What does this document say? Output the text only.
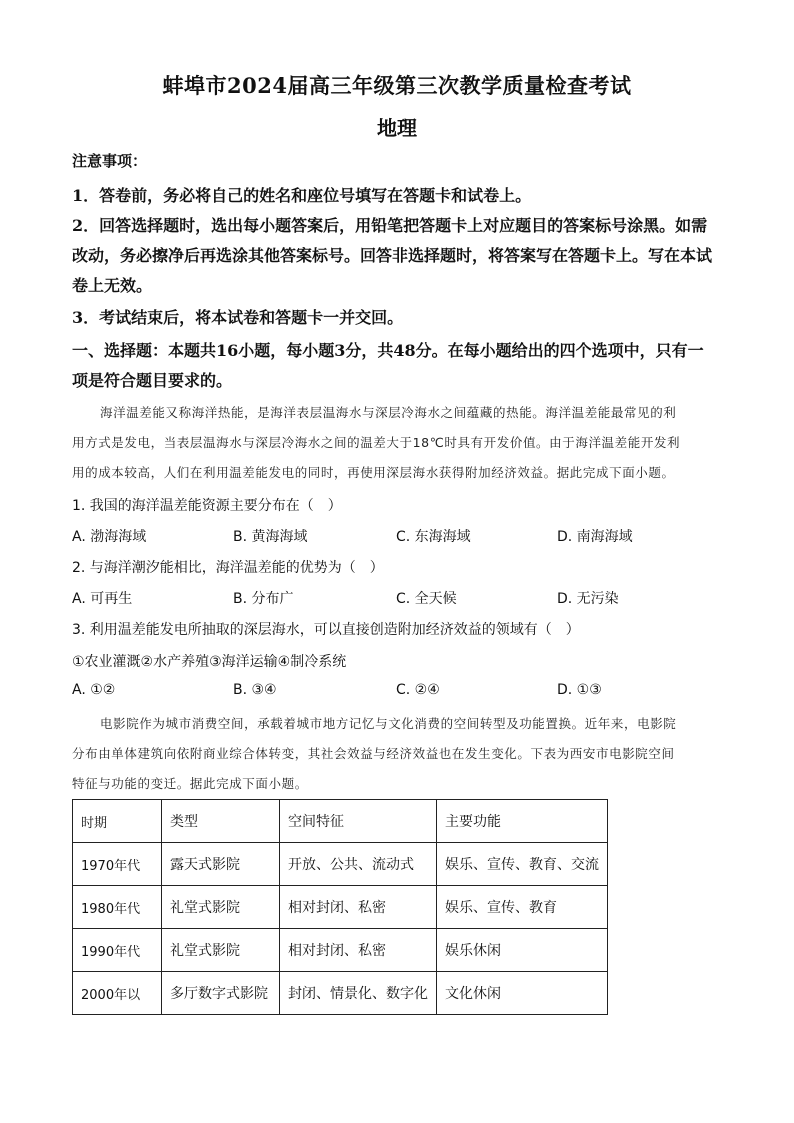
蚌埠市2024届高三年级第三次教学质量检查考试
地理
注意事项：
1．答卷前，务必将自己的姓名和座位号填写在答题卡和试卷上。
2．回答选择题时，选出每小题答案后，用铅笔把答题卡上对应题目的答案标号涂黑。如需
改动，务必擦净后再选涂其他答案标号。回答非选择题时，将答案写在答题卡上。写在本试
卷上无效。
3．考试结束后，将本试卷和答题卡一并交回。
一、选择题：本题共16小题，每小题3分，共48分。在每小题给出的四个选项中，只有一
项是符合题目要求的。
海洋温差能又称海洋热能，是海洋表层温海水与深层冷海水之间蕴藏的热能。海洋温差能最常见的利
用方式是发电，当表层温海水与深层冷海水之间的温差大于18℃时具有开发价值。由于海洋温差能开发利
用的成本较高，人们在利用温差能发电的同时，再使用深层海水获得附加经济效益。据此完成下面小题。
1. 我国的海洋温差能资源主要分布在（　）
A. 渤海海域	B. 黄海海域	C. 东海海域	D. 南海海域
2. 与海洋潮汐能相比，海洋温差能的优势为（　）
A. 可再生	B. 分布广	C. 全天候	D. 无污染
3. 利用温差能发电所抽取的深层海水，可以直接创造附加经济效益的领域有（　）
①农业灌溉②水产养殖③海洋运输④制冷系统
A. ①②	B. ③④	C. ②④	D. ①③
电影院作为城市消费空间，承载着城市地方记忆与文化消费的空间转型及功能置换。近年来，电影院
分布由单体建筑向依附商业综合体转变，其社会效益与经济效益也在发生变化。下表为西安市电影院空间
特征与功能的变迁。据此完成下面小题。
时期	类型	空间特征	主要功能
1970年代	露天式影院	开放、公共、流动式	娱乐、宣传、教育、交流
1980年代	礼堂式影院	相对封闭、私密	娱乐、宣传、教育
1990年代	礼堂式影院	相对封闭、私密	娱乐休闲
2000年以	多厅数字式影院	封闭、情景化、数字化	文化休闲
